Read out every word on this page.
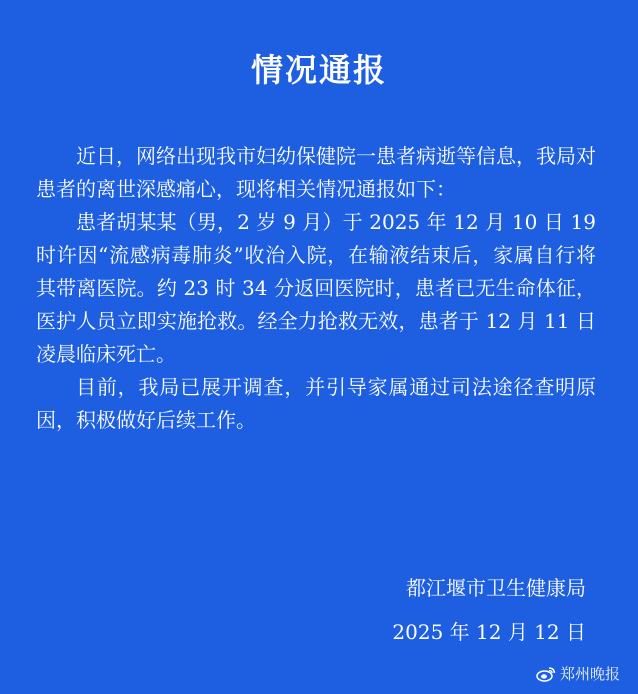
情况通报

近日，网络出现我市妇幼保健院一患者病逝等信息，我局对患者的离世深感痛心，现将相关情况通报如下：

患者胡某某（男，2 岁 9 月）于 2025 年 12 月 10 日 19 时许因“流感病毒肺炎”收治入院，在输液结束后，家属自行将其带离医院。约 23 时 34 分返回医院时，患者已无生命体征，医护人员立即实施抢救。经全力抢救无效，患者于 12 月 11 日凌晨临床死亡。

目前，我局已展开调查，并引导家属通过司法途径查明原因，积极做好后续工作。

都江堰市卫生健康局
2025 年 12 月 12 日
郑州晚报
